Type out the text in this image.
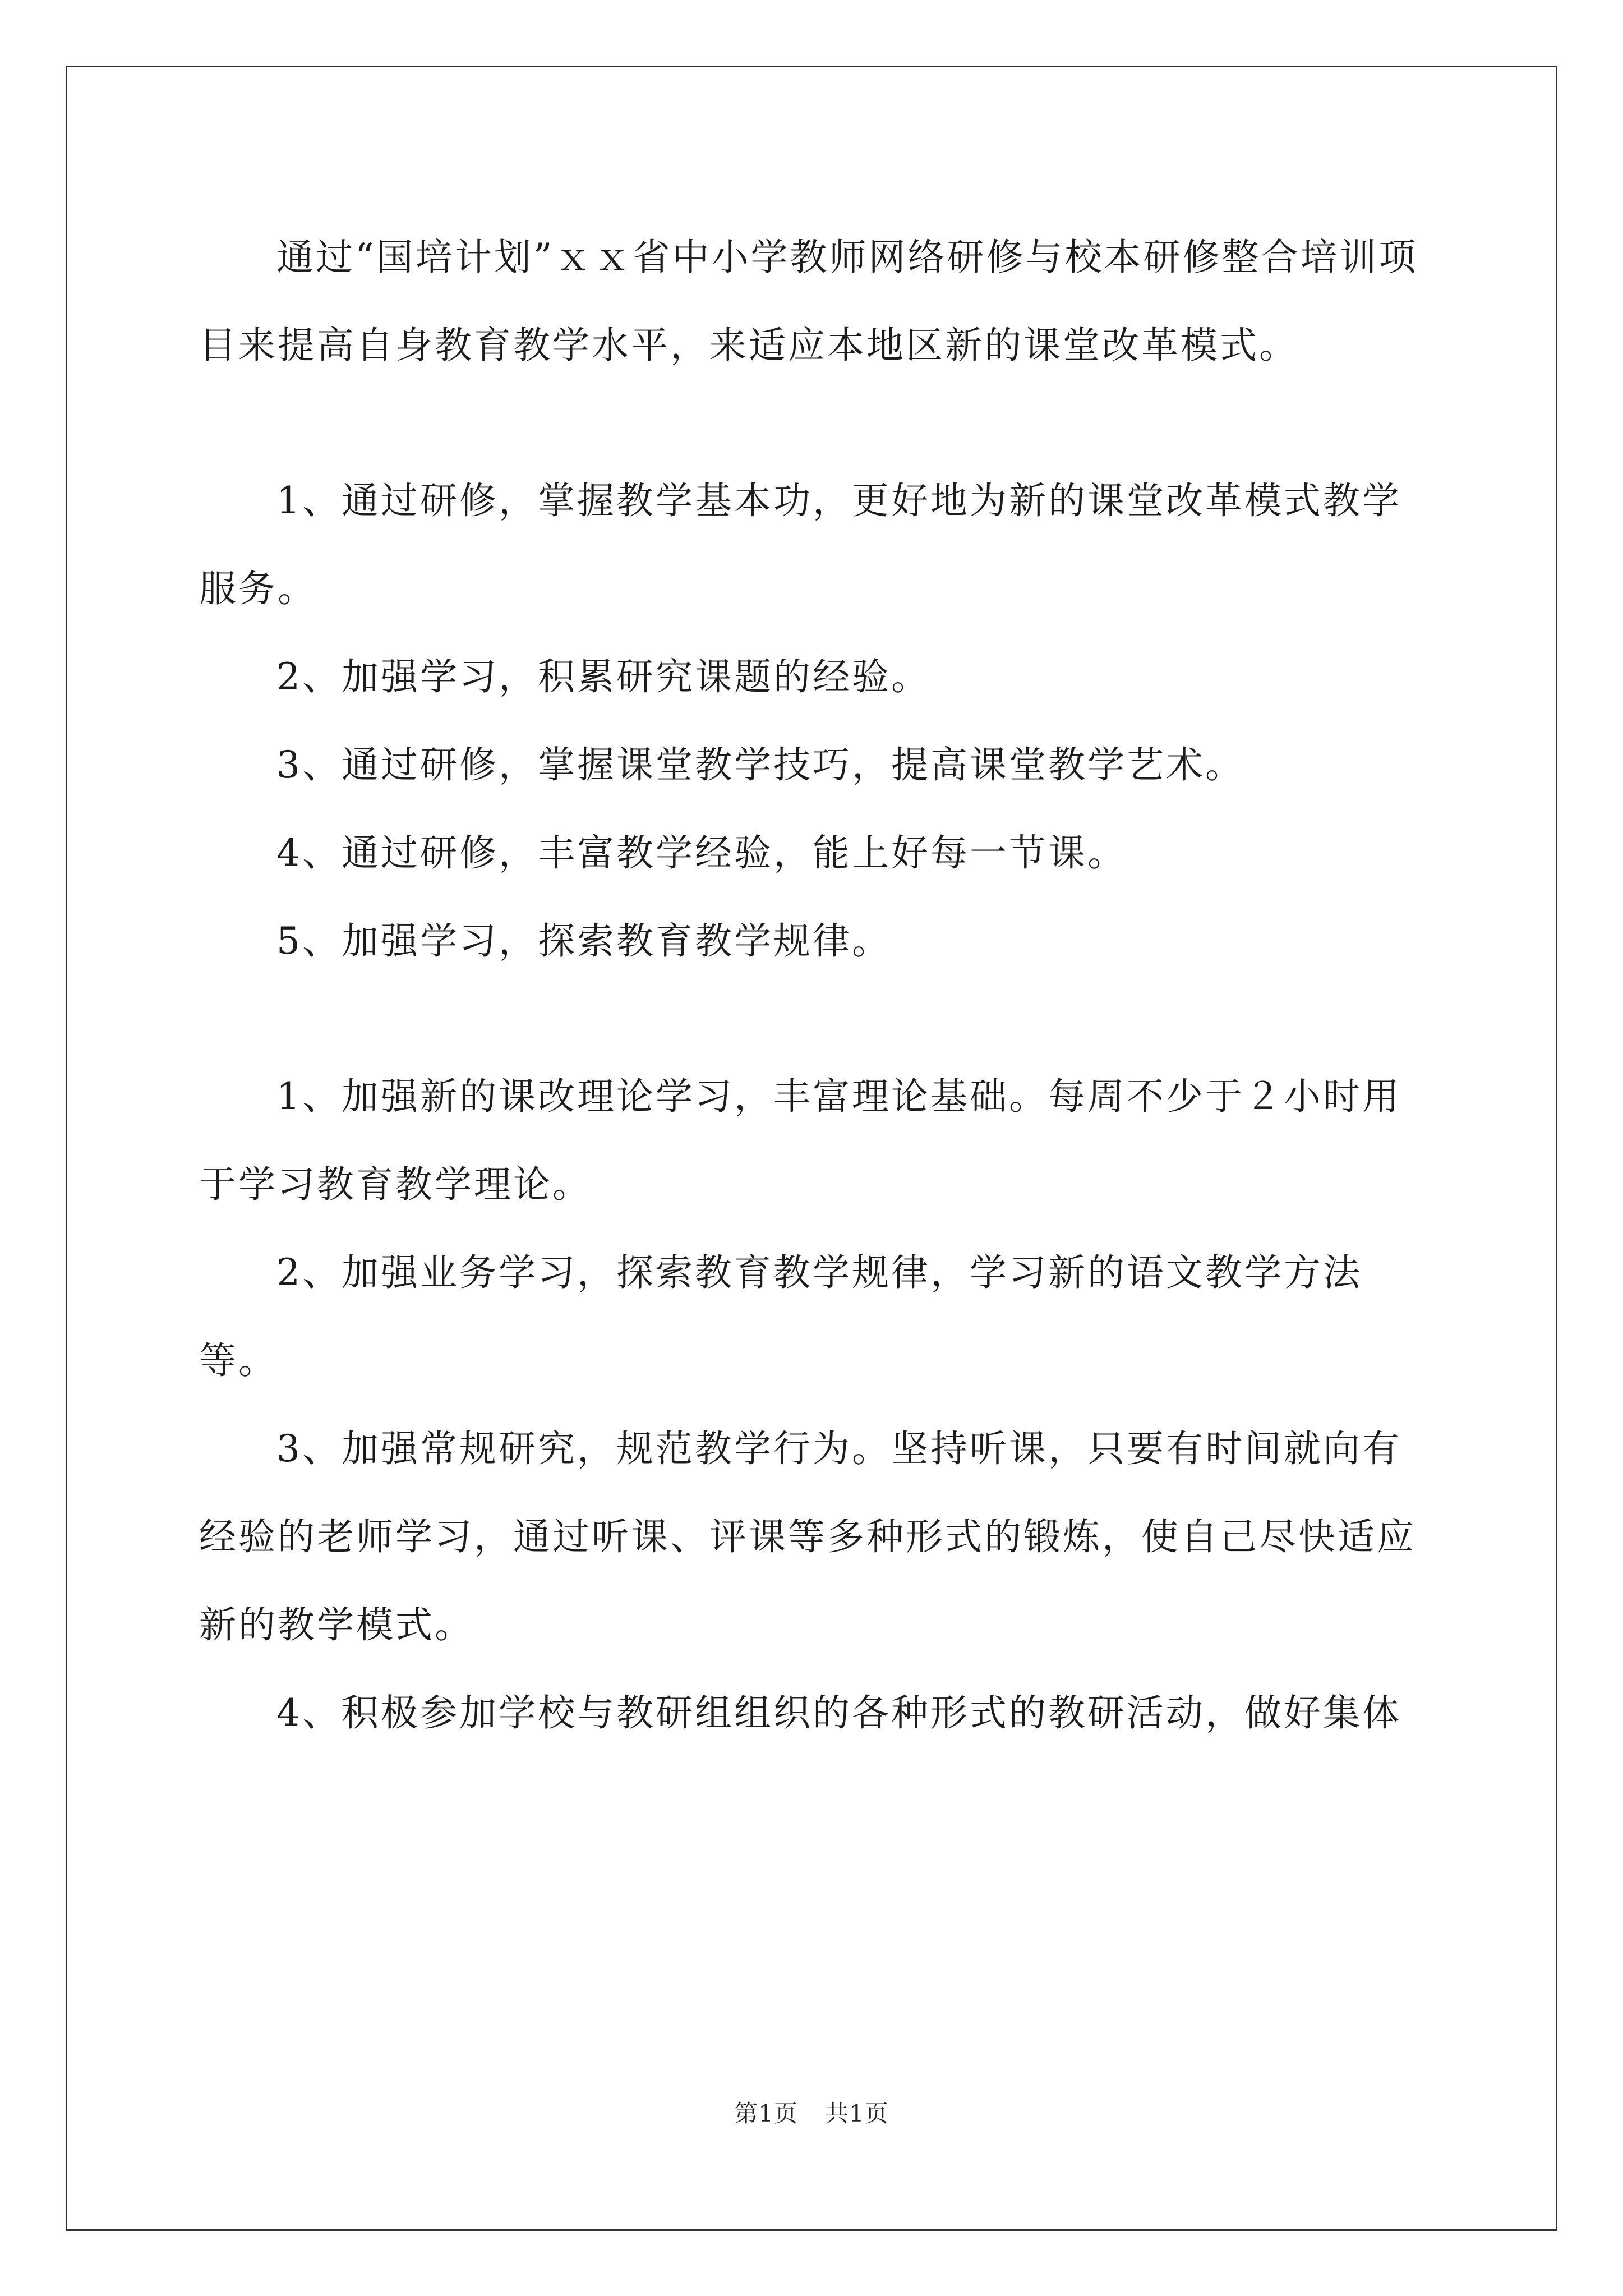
通过“国培计划”ｘｘ省中小学教师网络研修与校本研修整合培训项目来提高自身教育教学水平，来适应本地区新的课堂改革模式。

1、通过研修，掌握教学基本功，更好地为新的课堂改革模式教学服务。

2、加强学习，积累研究课题的经验。

3、通过研修，掌握课堂教学技巧，提高课堂教学艺术。

4、通过研修，丰富教学经验，能上好每一节课。

5、加强学习，探索教育教学规律。

1、加强新的课改理论学习，丰富理论基础。每周不少于２小时用于学习教育教学理论。

2、加强业务学习，探索教育教学规律，学习新的语文教学方法等。

3、加强常规研究，规范教学行为。坚持听课，只要有时间就向有经验的老师学习，通过听课、评课等多种形式的锻炼，使自己尽快适应新的教学模式。

4、积极参加学校与教研组组织的各种形式的教研活动，做好集体

第1页 共1页
